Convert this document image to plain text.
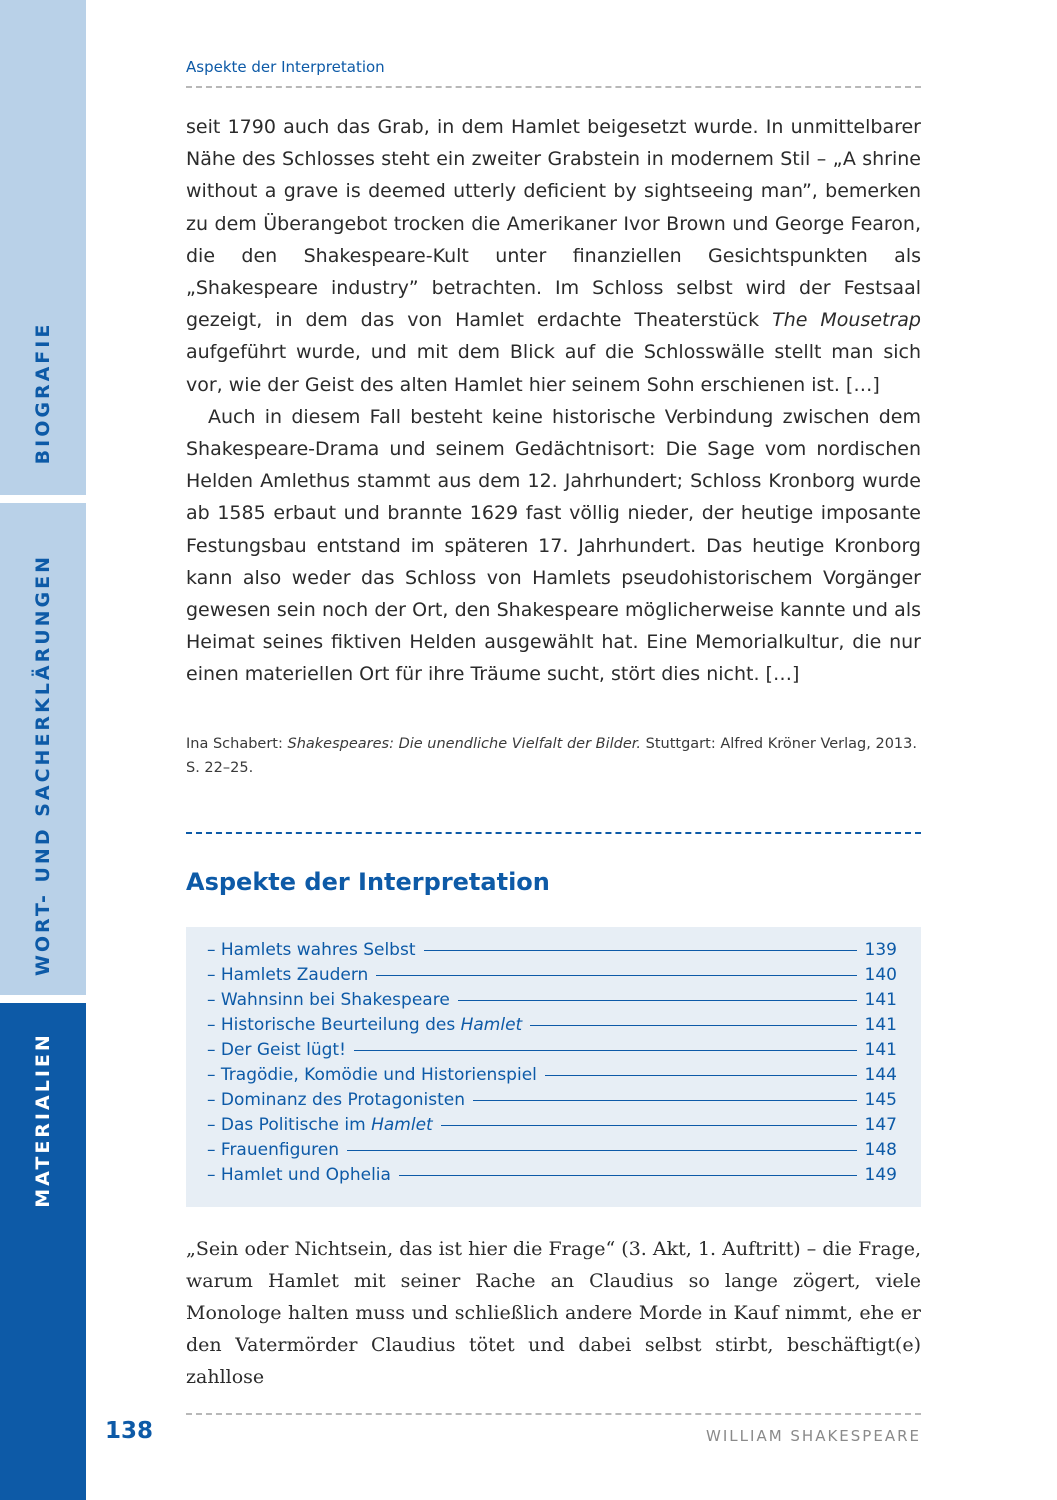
BIOGRAFIE
WORT- UND SACHERKLÄRUNGEN
MATERIALIEN
Aspekte der Interpretation

seit 1790 auch das Grab, in dem Hamlet beigesetzt wurde. In unmittelbarer Nähe des Schlosses steht ein zweiter Grabstein in modernem Stil – „A shrine without a grave is deemed utterly deficient by sightseeing man”, bemerken zu dem Überangebot trocken die Amerikaner Ivor Brown und George Fearon, die den Shakespeare-Kult unter finanziellen Gesichtspunkten als „Shakespeare industry” betrachten. Im Schloss selbst wird der Festsaal gezeigt, in dem das von Hamlet erdachte Theaterstück The Mousetrap aufgeführt wurde, und mit dem Blick auf die Schlosswälle stellt man sich vor, wie der Geist des alten Hamlet hier seinem Sohn erschienen ist. […]

Auch in diesem Fall besteht keine historische Verbindung zwischen dem Shakespeare-Drama und seinem Gedächtnisort: Die Sage vom nordischen Helden Amlethus stammt aus dem 12. Jahrhundert; Schloss Kronborg wurde ab 1585 erbaut und brannte 1629 fast völlig nieder, der heutige imposante Festungsbau entstand im späteren 17. Jahrhundert. Das heutige Kronborg kann also weder das Schloss von Hamlets pseudohistorischem Vorgänger gewesen sein noch der Ort, den Shakespeare möglicherweise kannte und als Heimat seines fiktiven Helden ausgewählt hat. Eine Memorialkultur, die nur einen materiellen Ort für ihre Träume sucht, stört dies nicht. […]

Ina Schabert: Shakespeares: Die unendliche Vielfalt der Bilder. Stuttgart: Alfred Kröner Verlag, 2013. S. 22–25.
Aspekte der Interpretation
– Hamlets wahres Selbst	139
– Hamlets Zaudern	140
– Wahnsinn bei Shakespeare	141
– Historische Beurteilung des Hamlet	141
– Der Geist lügt!	141
– Tragödie, Komödie und Historienspiel	144
– Dominanz des Protagonisten	145
– Das Politische im Hamlet	147
– Frauenfiguren	148
– Hamlet und Ophelia	149

„Sein oder Nichtsein, das ist hier die Frage“ (3. Akt, 1. Auftritt) – die Frage, warum Hamlet mit seiner Rache an Claudius so lange zögert, viele Monologe halten muss und schließlich andere Morde in Kauf nimmt, ehe er den Vatermörder Claudius tötet und dabei selbst stirbt, beschäftigt(e) zahllose

138	WILLIAM SHAKESPEARE
